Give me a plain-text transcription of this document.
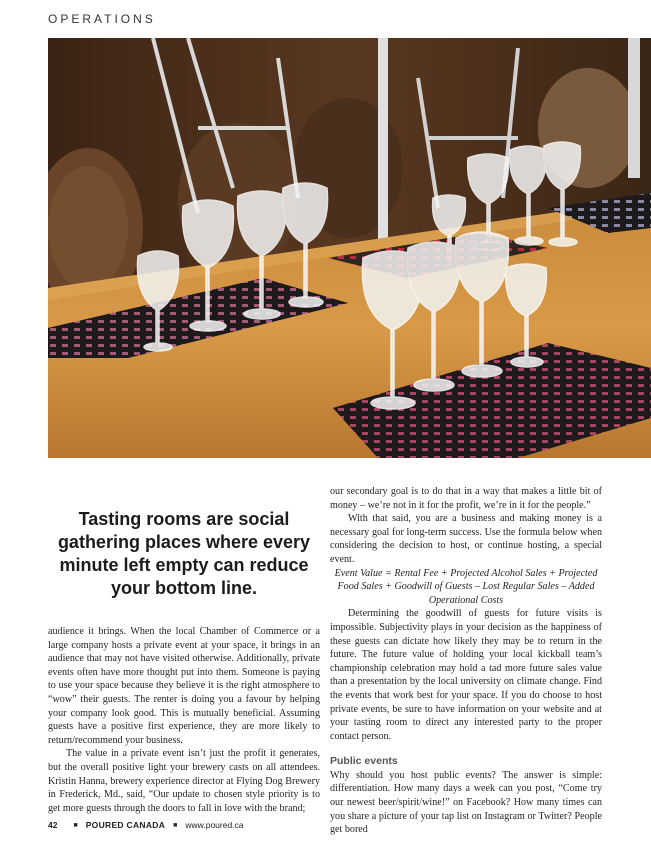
OPERATIONS
Tasting rooms are social gathering places where every minute left empty can reduce your bottom line.

audience it brings. When the local Chamber of Commerce or a large company hosts a private event at your space, it brings in an audience that may not have visited otherwise. Additionally, private events often have more thought put into them. Someone is paying to use your space because they believe it is the right atmosphere to “wow” their guests. The renter is doing you a favour by helping your company look good. This is mutually beneficial. Assuming guests have a positive first experience, they are more likely to return/recommend your business.

The value in a private event isn’t just the profit it generates, but the overall positive light your brewery casts on all attendees. Kristin Hanna, brewery experience director at Flying Dog Brewery in Frederick, Md., said, “Our update to chosen style priority is to get more guests through the doors to fall in love with the brand;

our secondary goal is to do that in a way that makes a little bit of money – we’re not in it for the profit, we’re in it for the people.”

With that said, you are a business and making money is a necessary goal for long-term success. Use the formula below when considering the decision to host, or continue hosting, a special event.

Event Value = Rental Fee + Projected Alcohol Sales + Projected Food Sales + Goodwill of Guests – Lost Regular Sales – Added Operational Costs

Determining the goodwill of guests for future visits is impossible. Subjectivity plays in your decision as the happiness of these guests can dictate how likely they may be to return in the future. The future value of holding your local kickball team’s championship celebration may hold a tad more future sales value than a presentation by the local university on climate change. Find the events that work best for your space. If you do choose to host private events, be sure to have information on your website and at your tasting room to direct any interested party to the proper contact person.

Public events

Why should you host public events? The answer is simple: differentiation. How many days a week can you post, “Come try our newest beer/spirit/wine!” on Facebook? How many times can you share a picture of your tap list on Instagram or Twitter? People get bored

42 ■ POURED CANADA ■ www.poured.ca
